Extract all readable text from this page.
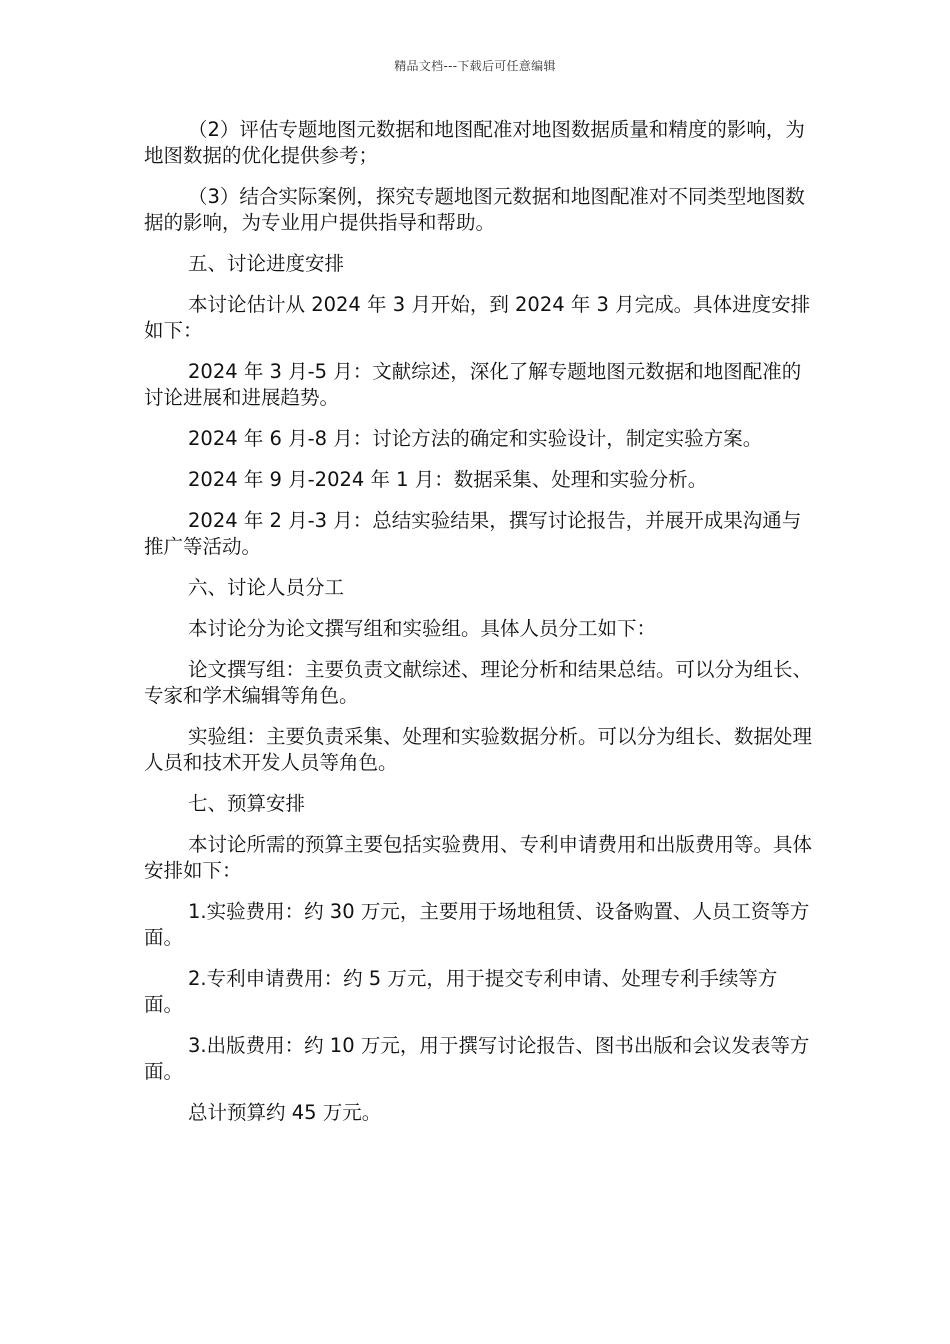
精品文档---下载后可任意编辑

（2）评估专题地图元数据和地图配准对地图数据质量和精度的影响，为地图数据的优化提供参考；

（3）结合实际案例，探究专题地图元数据和地图配准对不同类型地图数据的影响，为专业用户提供指导和帮助。

五、讨论进度安排

本讨论估计从 2024 年 3 月开始，到 2024 年 3 月完成。具体进度安排如下：

2024 年 3 月-5 月：文献综述，深化了解专题地图元数据和地图配准的讨论进展和进展趋势。

2024 年 6 月-8 月：讨论方法的确定和实验设计，制定实验方案。

2024 年 9 月-2024 年 1 月：数据采集、处理和实验分析。

2024 年 2 月-3 月：总结实验结果，撰写讨论报告，并展开成果沟通与推广等活动。

六、讨论人员分工

本讨论分为论文撰写组和实验组。具体人员分工如下：

论文撰写组：主要负责文献综述、理论分析和结果总结。可以分为组长、专家和学术编辑等角色。

实验组：主要负责采集、处理和实验数据分析。可以分为组长、数据处理人员和技术开发人员等角色。

七、预算安排

本讨论所需的预算主要包括实验费用、专利申请费用和出版费用等。具体安排如下：

1.实验费用：约 30 万元，主要用于场地租赁、设备购置、人员工资等方面。

2.专利申请费用：约 5 万元，用于提交专利申请、处理专利手续等方面。

3.出版费用：约 10 万元，用于撰写讨论报告、图书出版和会议发表等方面。

总计预算约 45 万元。
